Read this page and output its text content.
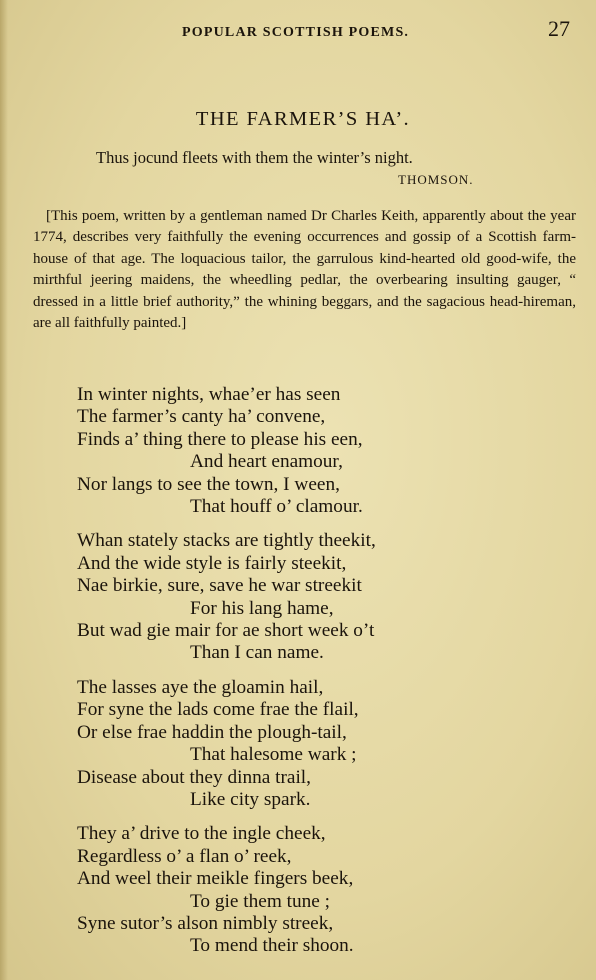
POPULAR SCOTTISH POEMS.	27
THE FARMER’S HA’.
Thus jocund fleets with them the winter’s night.
THOMSON.
[This poem, written by a gentleman named Dr Charles Keith, apparently about the year 1774, describes very faithfully the evening occurrences and gossip of a Scottish farm-house of that age. The loquacious tailor, the garrulous kind-hearted old good-wife, the mirthful jeering maidens, the wheedling pedlar, the overbearing insulting gauger, “ dressed in a little brief authority,” the whining beggars, and the sagacious head-hireman, are all faithfully painted.]
In winter nights, whae’er has seen
The farmer’s canty ha’ convene,
Finds a’ thing there to please his een,
And heart enamour,
Nor langs to see the town, I ween,
That houff o’ clamour.
Whan stately stacks are tightly theekit,
And the wide style is fairly steekit,
Nae birkie, sure, save he war streekit
For his lang hame,
But wad gie mair for ae short week o’t
Than I can name.
The lasses aye the gloamin hail,
For syne the lads come frae the flail,
Or else frae haddin the plough-tail,
That halesome wark ;
Disease about they dinna trail,
Like city spark.
They a’ drive to the ingle cheek,
Regardless o’ a flan o’ reek,
And weel their meikle fingers beek,
To gie them tune ;
Syne sutor’s alson nimbly streek,
To mend their shoon.
